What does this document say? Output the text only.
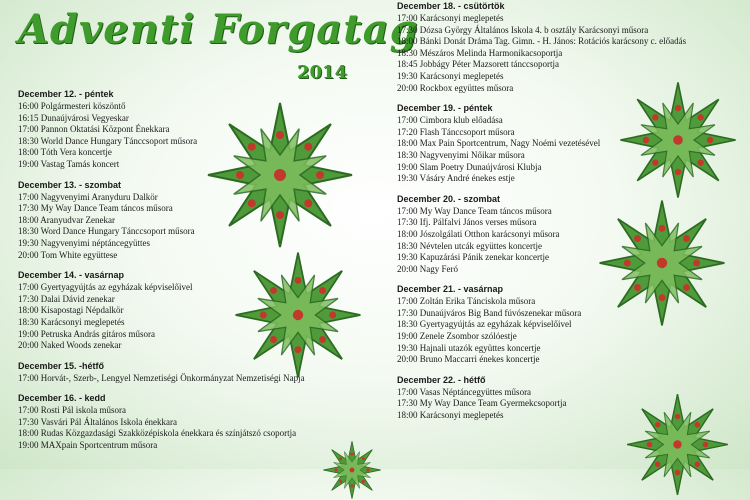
Adventi Forgatag
2014
December 12. - péntek
16:00 Polgármesteri köszöntő
16:15 Dunaújvárosi Vegyeskar
17:00 Pannon Oktatási Központ Énekkara
18:30 World Dance Hungary Tánccsoport műsora
18:00 Tóth Vera koncertje
19:00 Vastag Tamás koncert
December 13. - szombat
17:00 Nagyvenyimi Aranyduru Dalkör
17:30 My Way Dance Team táncos műsora
18:00 Aranyudvar Zenekar
18:30 Word Dance Hungary Tánccsoport műsora
19:30 Nagyvenyimi néptáncegyüttes
20:00 Tom White együttese
December 14. - vasárnap
17:00 Gyertyagyújtás az egyházak képviselőivel
17:30 Dalai Dávid zenekar
18:00 Kisapostagi Népdalkör
18:30 Karácsonyi meglepetés
19:00 Petruska András gitáros műsora
20:00 Naked Woods zenekar
December 15. -hétfő
17:00 Horvát-, Szerb-, Lengyel Nemzetiségi Önkormányzat Nemzetiségi Napja
December 16. - kedd
17:00 Rosti Pál iskola műsora
17:30 Vasvári Pál Általános Iskola énekkara
18:00 Rudas Közgazdasági Szakközépiskola énekkara és színjátszó csoportja
19:00 MAXpain Sportcentrum műsora
December 18. - csütörtök
17:00 Karácsonyi meglepetés
17:30 Dózsa György Általános Iskola 4. b osztály Karácsonyi műsora
18:00 Bánki Donát Dráma Tag. Gimn. - H. János: Rotációs karácsony c. előadás
18:30 Mészáros Melinda Harmonikacsoportja
18:45 Jobbágy Péter Mazsorett tánccsoportja
19:30 Karácsonyi meglepetés
20:00 Rockbox együttes műsora
December 19. - péntek
17:00 Cimbora klub előadása
17:20 Flash Tánccsoport műsora
18:00 Max Pain Sportcentrum, Nagy Noémi vezetésével
18:30 Nagyvenyimi Nőikar műsora
19:00 Slam Poetry Dunaújvárosi Klubja
19:30 Vásáry André énekes estje
December 20. - szombat
17:00 My Way Dance Team táncos műsora
17:30 Ifj. Pálfalvi János verses műsora
18:00 Jószolgálati Otthon karácsonyi műsora
18:30 Névtelen utcák együttes koncertje
19:30 Kapuzárási Pánik zenekar koncertje
20:00 Nagy Feró
December 21. - vasárnap
17:00 Zoltán Erika Tánciskola műsora
17:30 Dunaújváros Big Band fúvószenekar műsora
18:30 Gyertyagyújtás az egyházak képviselőivel
19:00 Zenele Zsombor szólóestje
19:30 Hajnali utazók együttes koncertje
20:00 Bruno Maccarri énekes koncertje
December 22. - hétfő
17:00 Vasas Néptáncegyüttes műsora
17:30 My Way Dance Team Gyermekcsoportja
18:00 Karácsonyi meglepetés
